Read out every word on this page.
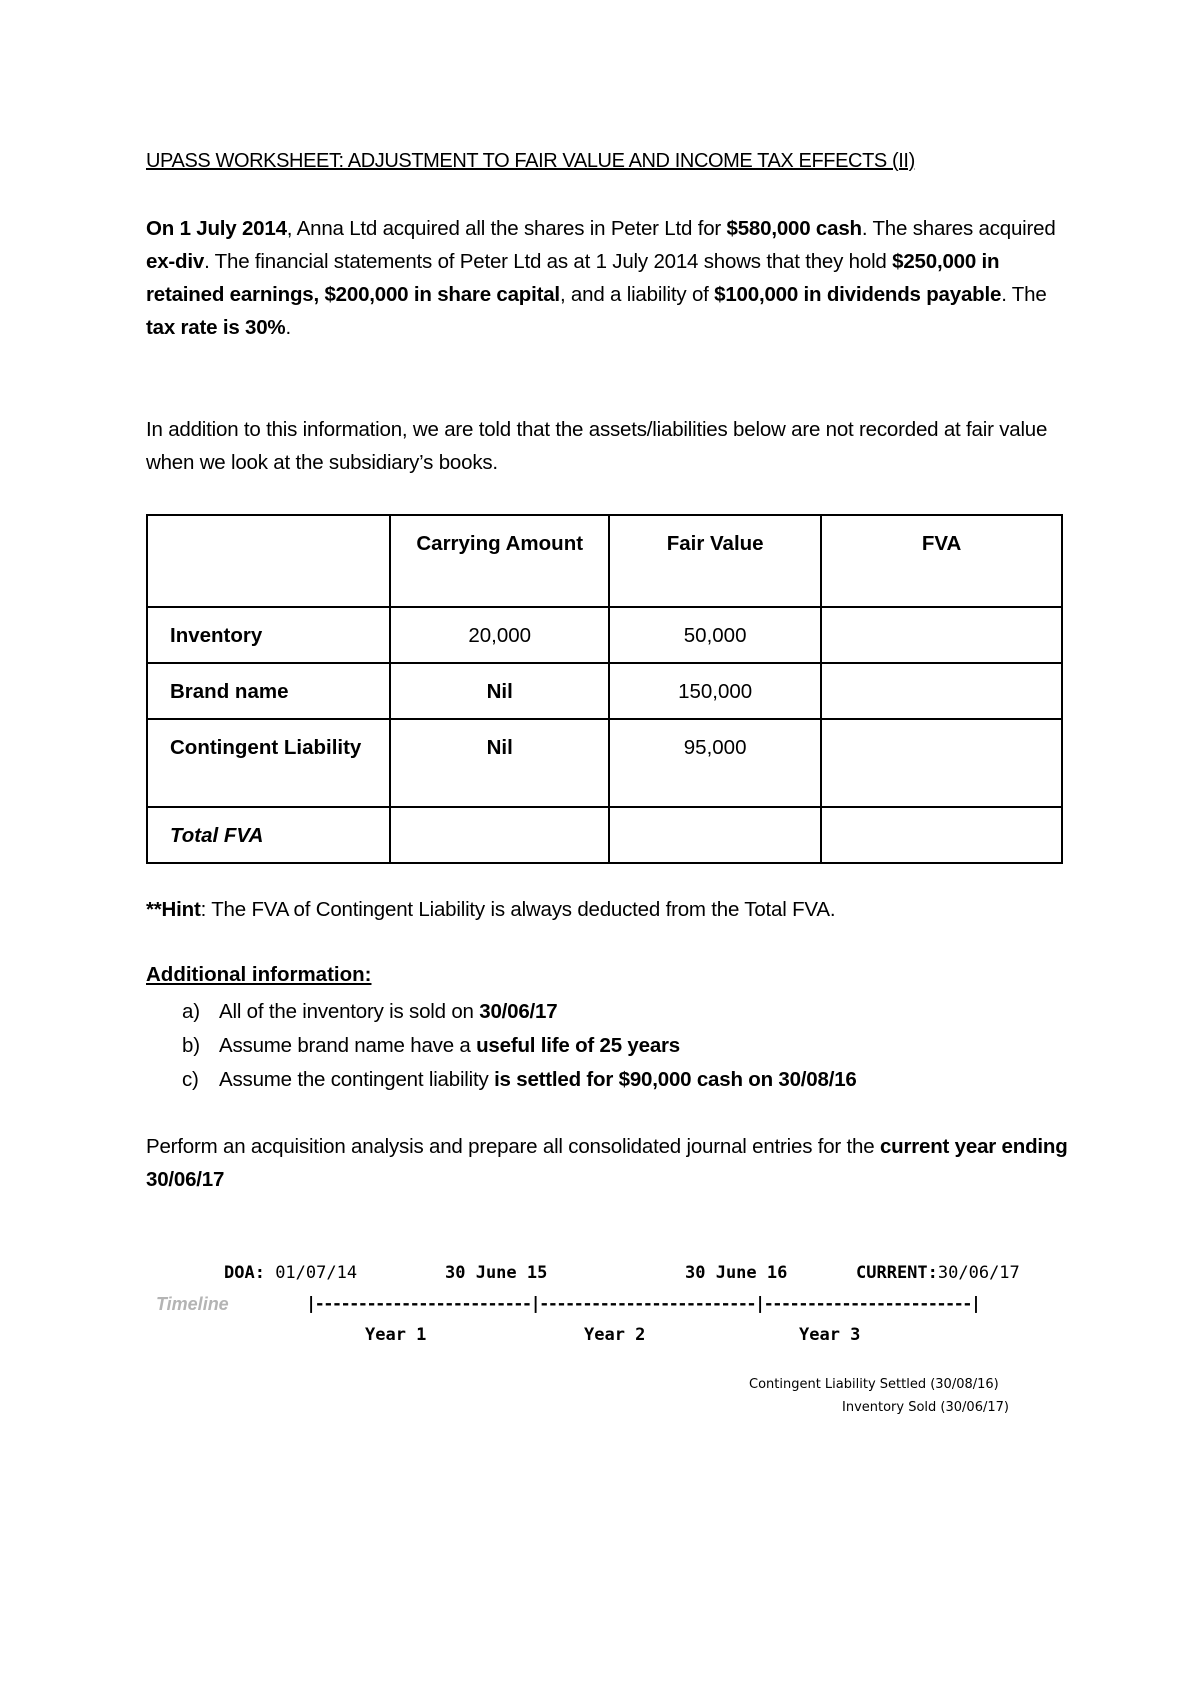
UPASS WORKSHEET: ADJUSTMENT TO FAIR VALUE AND INCOME TAX EFFECTS (II)
On 1 July 2014, Anna Ltd acquired all the shares in Peter Ltd for $580,000 cash. The shares acquired ex-div. The financial statements of Peter Ltd as at 1 July 2014 shows that they hold $250,000 in retained earnings, $200,000 in share capital, and a liability of $100,000 in dividends payable. The tax rate is 30%.
In addition to this information, we are told that the assets/liabilities below are not recorded at fair value when we look at the subsidiary’s books.
	Carrying Amount	Fair Value	FVA
Inventory	20,000	50,000	
Brand name	Nil	150,000	
Contingent Liability	Nil	95,000	
Total FVA			
**Hint: The FVA of Contingent Liability is always deducted from the Total FVA.
Additional information:
a) All of the inventory is sold on 30/06/17
b) Assume brand name have a useful life of 25 years
c) Assume the contingent liability is settled for $90,000 cash on 30/08/16
Perform an acquisition analysis and prepare all consolidated journal entries for the current year ending 30/06/17
DOA: 01/07/14	30 June 15	30 June 16	CURRENT:30/06/17
Timeline	|-------------------------|-------------------------|------------------------|
Year 1	Year 2	Year 3
Contingent Liability Settled (30/08/16)
Inventory Sold (30/06/17)
